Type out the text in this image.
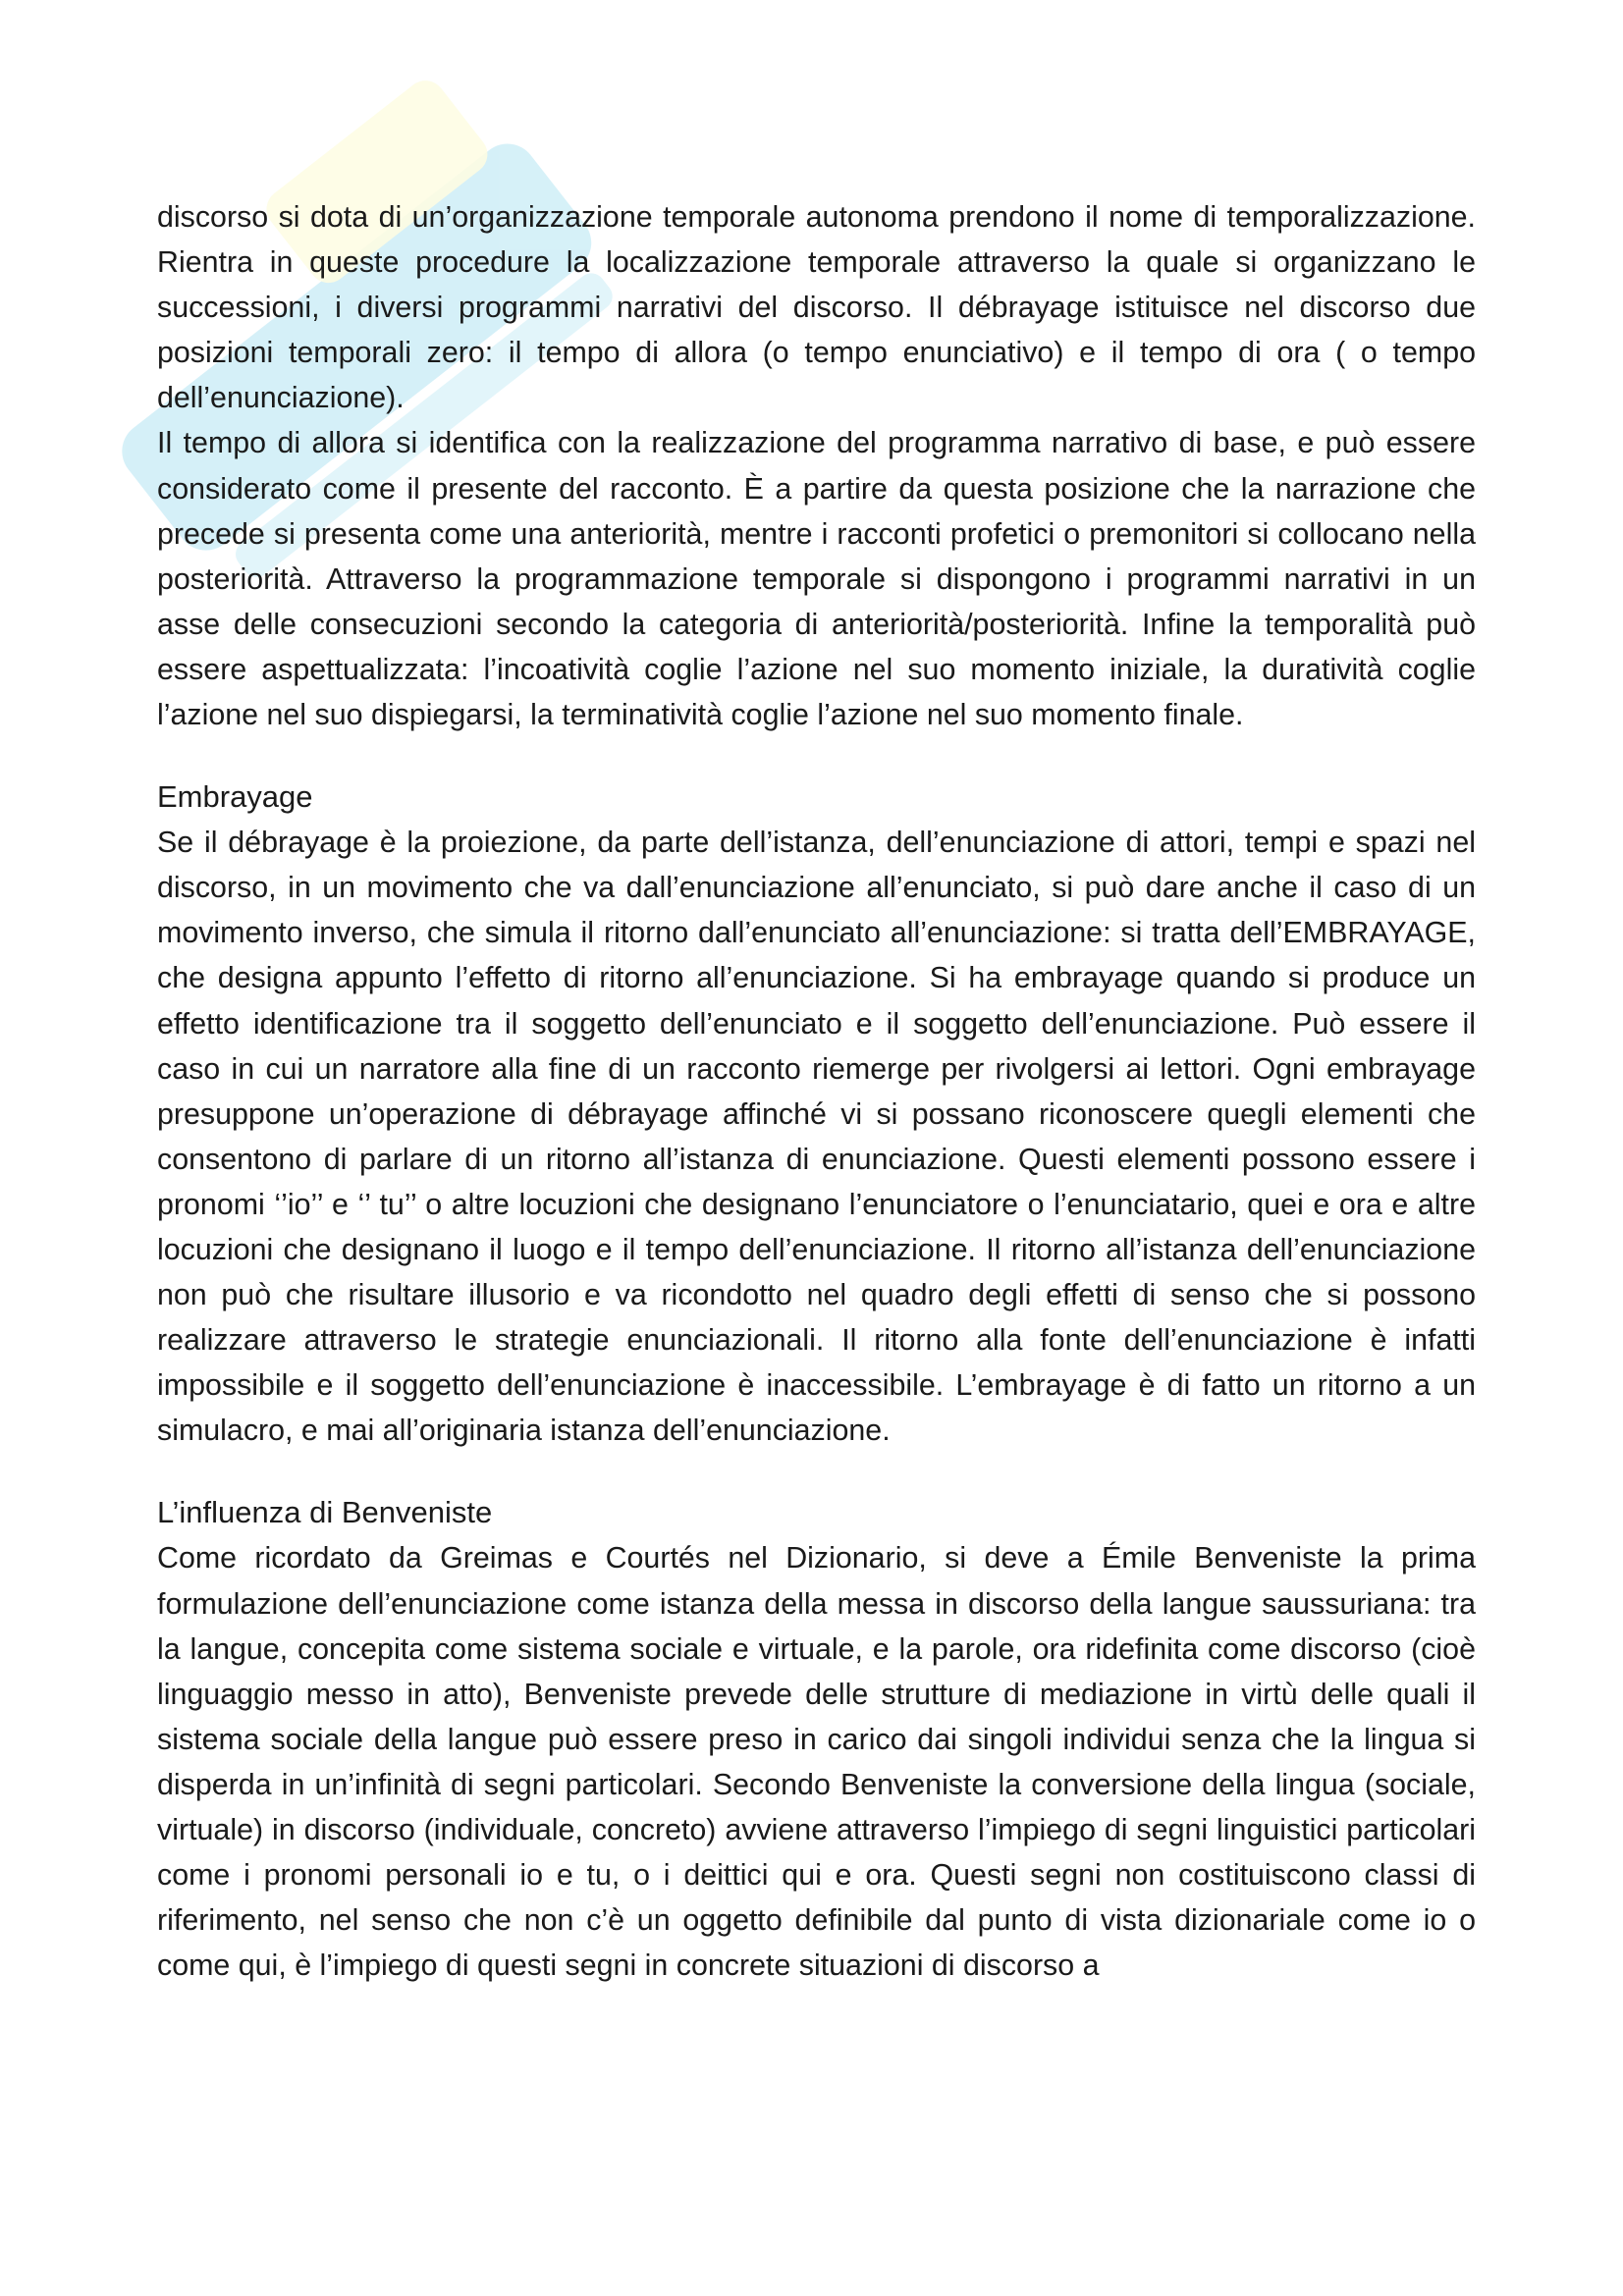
discorso si dota di un’organizzazione temporale autonoma prendono il nome di temporalizzazione. Rientra in queste procedure la localizzazione temporale attraverso la quale si organizzano le successioni, i diversi programmi narrativi del discorso. Il débrayage istituisce nel discorso due posizioni temporali zero: il tempo di allora (o tempo enunciativo) e il tempo di ora ( o tempo dell’enunciazione).

Il tempo di allora si identifica con la realizzazione del programma narrativo di base, e può essere considerato come il presente del racconto. È a partire da questa posizione che la narrazione che precede si presenta come una anteriorità, mentre i racconti profetici o premonitori si collocano nella posteriorità. Attraverso la programmazione temporale si dispongono i programmi narrativi in un asse delle consecuzioni secondo la categoria di anteriorità/posteriorità. Infine la temporalità può essere aspettualizzata: l’incoatività coglie l’azione nel suo momento iniziale, la duratività coglie l’azione nel suo dispiegarsi, la terminatività coglie l’azione nel suo momento finale.

Embrayage

Se il débrayage è la proiezione, da parte dell’istanza, dell’enunciazione di attori, tempi e spazi nel discorso, in un movimento che va dall’enunciazione all’enunciato, si può dare anche il caso di un movimento inverso, che simula il ritorno dall’enunciato all’enunciazione: si tratta dell’EMBRAYAGE, che designa appunto l’effetto di ritorno all’enunciazione. Si ha embrayage quando si produce un effetto identificazione tra il soggetto dell’enunciato e il soggetto dell’enunciazione. Può essere il caso in cui un narratore alla fine di un racconto riemerge per rivolgersi ai lettori. Ogni embrayage presuppone un’operazione di débrayage affinché vi si possano riconoscere quegli elementi che consentono di parlare di un ritorno all’istanza di enunciazione. Questi elementi possono essere i pronomi ‘’io’’ e ‘’ tu’’ o altre locuzioni che designano l’enunciatore o l’enunciatario, quei e ora e altre locuzioni che designano il luogo e il tempo dell’enunciazione. Il ritorno all’istanza dell’enunciazione non può che risultare illusorio e va ricondotto nel quadro degli effetti di senso che si possono realizzare attraverso le strategie enunciazionali. Il ritorno alla fonte dell’enunciazione è infatti impossibile e il soggetto dell’enunciazione è inaccessibile. L’embrayage è di fatto un ritorno a un simulacro, e mai all’originaria istanza dell’enunciazione.

L’influenza di Benveniste

Come ricordato da Greimas e Courtés nel Dizionario, si deve a Émile Benveniste la prima formulazione dell’enunciazione come istanza della messa in discorso della langue saussuriana: tra la langue, concepita come sistema sociale e virtuale, e la parole, ora ridefinita come discorso (cioè linguaggio messo in atto), Benveniste prevede delle strutture di mediazione in virtù delle quali il sistema sociale della langue può essere preso in carico dai singoli individui senza che la lingua si disperda in un’infinità di segni particolari. Secondo Benveniste la conversione della lingua (sociale, virtuale) in discorso (individuale, concreto) avviene attraverso l’impiego di segni linguistici particolari come i pronomi personali io e tu, o i deittici qui e ora. Questi segni non costituiscono classi di riferimento, nel senso che non c’è un oggetto definibile dal punto di vista dizionariale come io o come qui, è l’impiego di questi segni in concrete situazioni di discorso a
